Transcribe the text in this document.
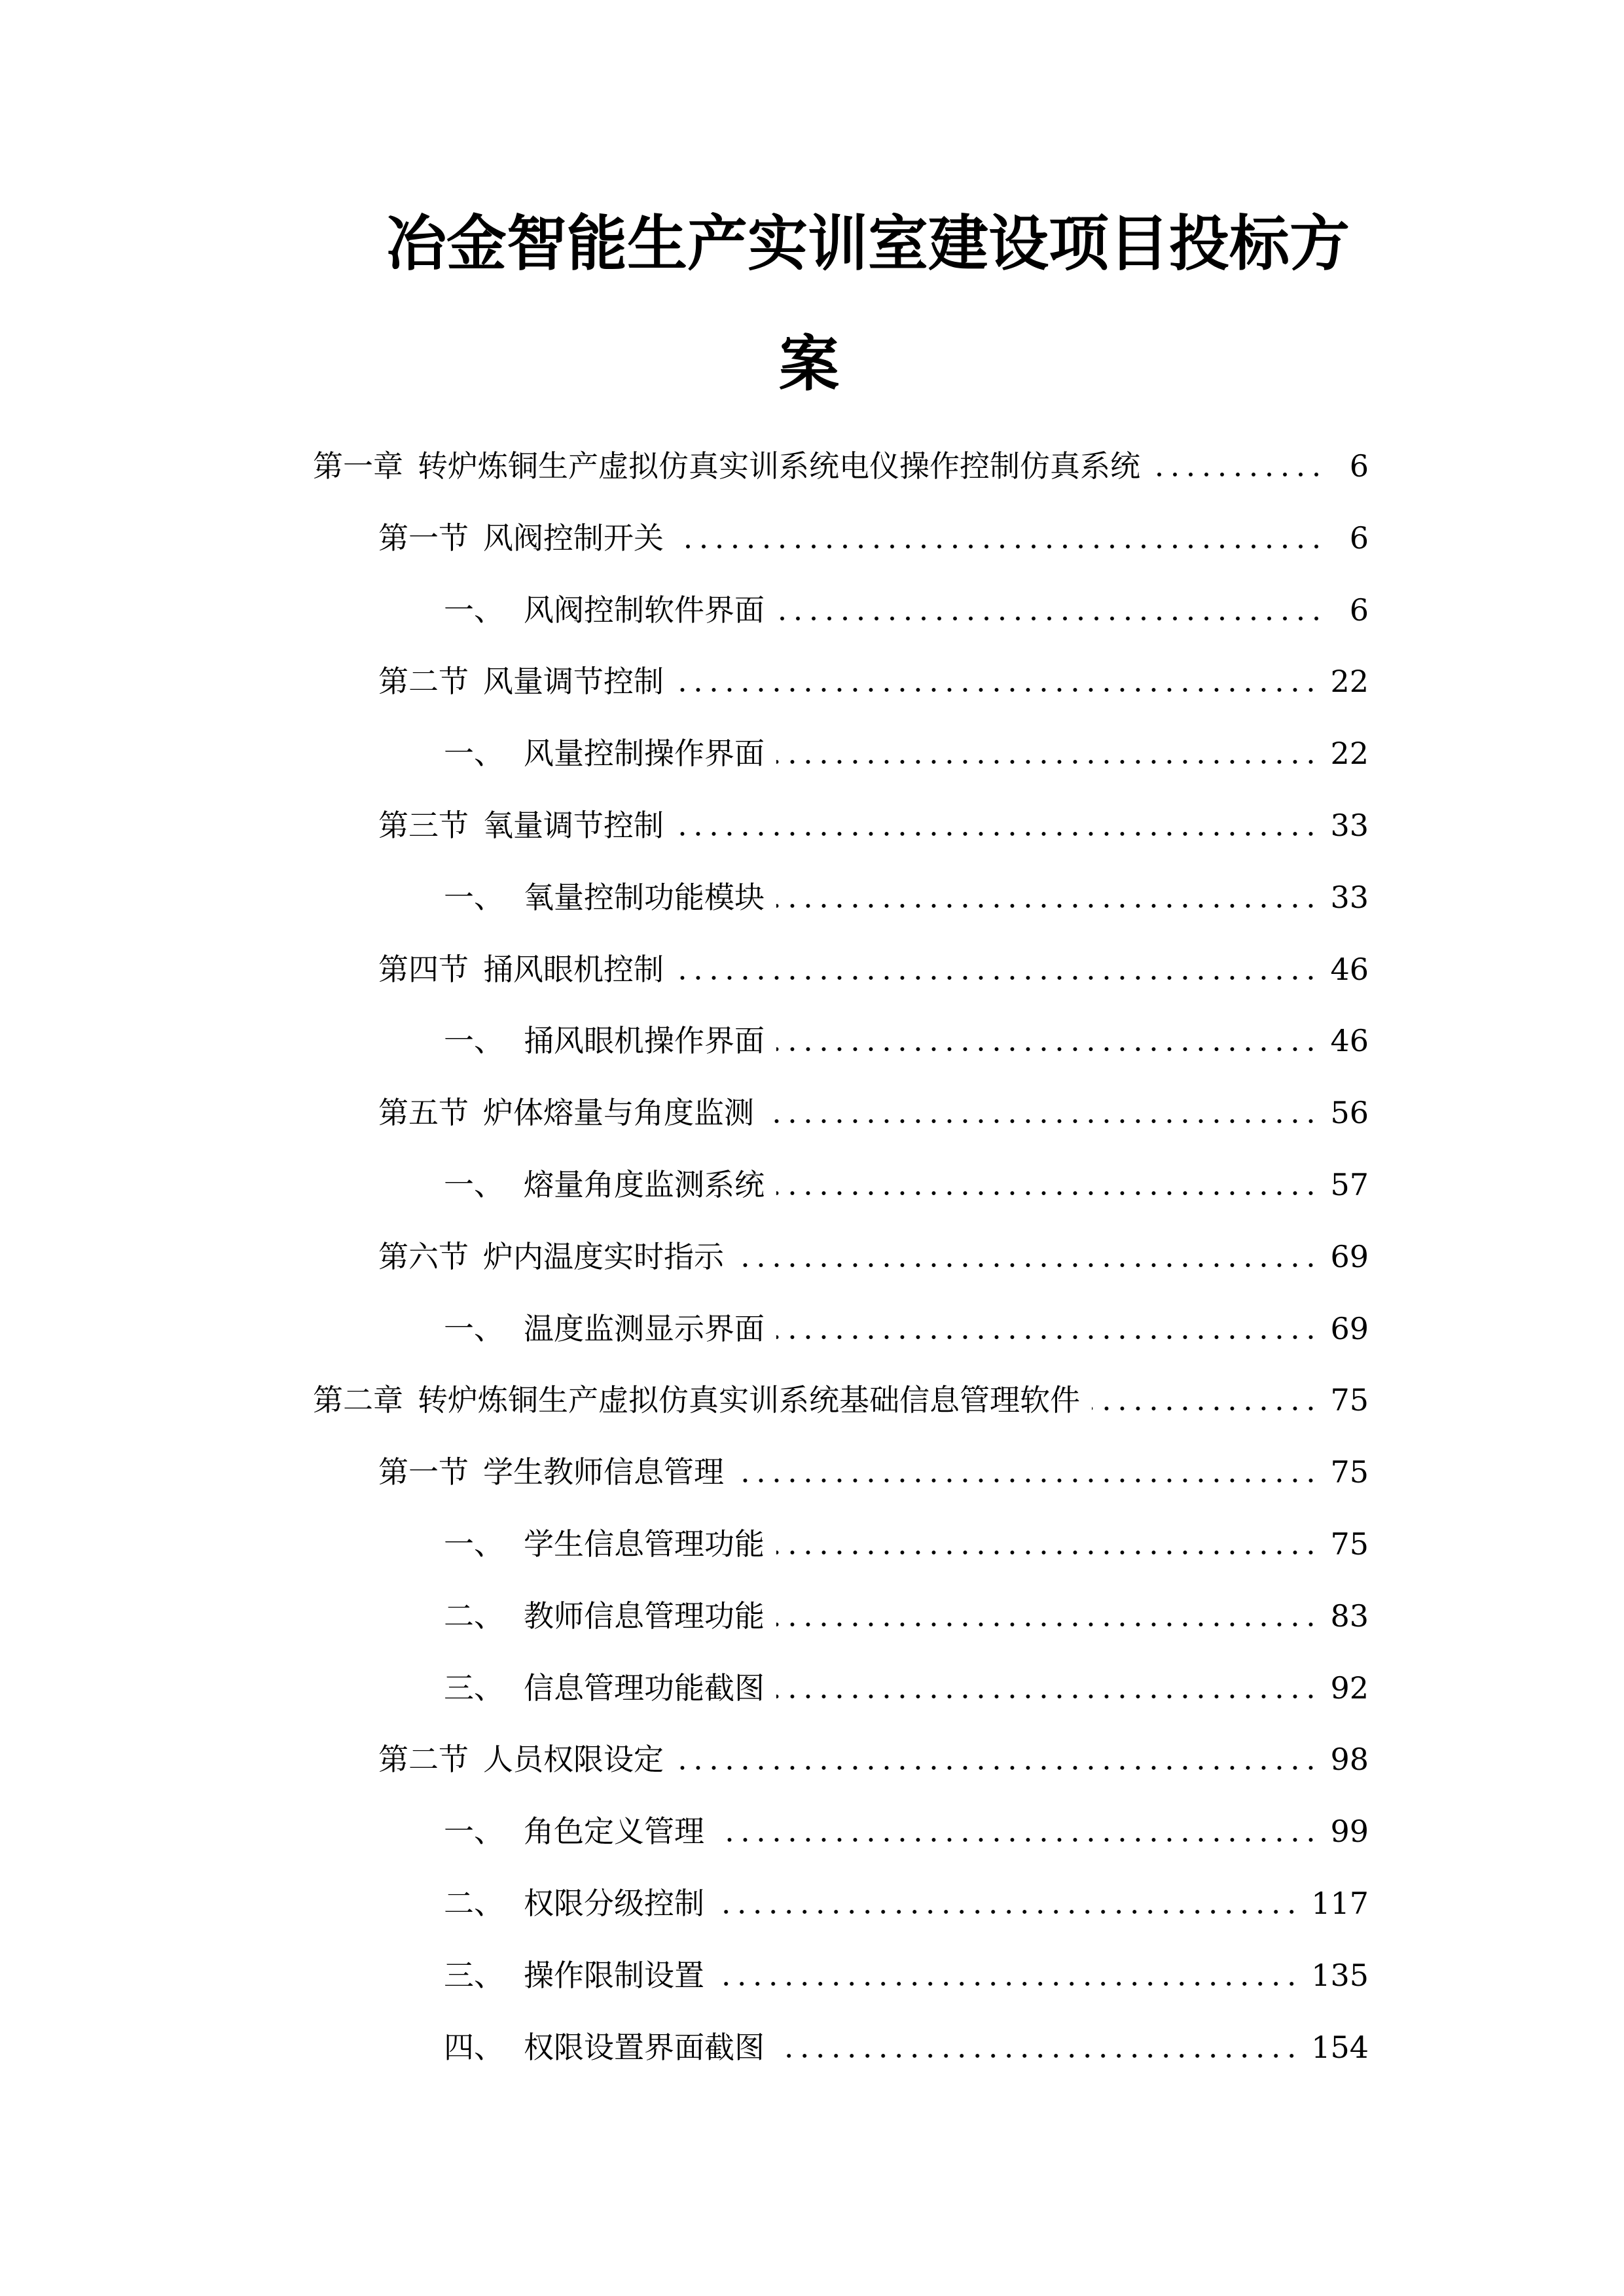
冶金智能生产实训室建设项目投标方
案
第一章 转炉炼铜生产虚拟仿真实训系统电仪操作控制仿真系统	6
第一节 风阀控制开关	6
一、 风阀控制软件界面	6
第二节 风量调节控制	22
一、 风量控制操作界面	22
第三节 氧量调节控制	33
一、 氧量控制功能模块	33
第四节 捅风眼机控制	46
一、 捅风眼机操作界面	46
第五节 炉体熔量与角度监测	56
一、 熔量角度监测系统	57
第六节 炉内温度实时指示	69
一、 温度监测显示界面	69
第二章 转炉炼铜生产虚拟仿真实训系统基础信息管理软件	75
第一节 学生教师信息管理	75
一、 学生信息管理功能	75
二、 教师信息管理功能	83
三、 信息管理功能截图	92
第二节 人员权限设定	98
一、 角色定义管理	99
二、 权限分级控制	117
三、 操作限制设置	135
四、 权限设置界面截图	154
